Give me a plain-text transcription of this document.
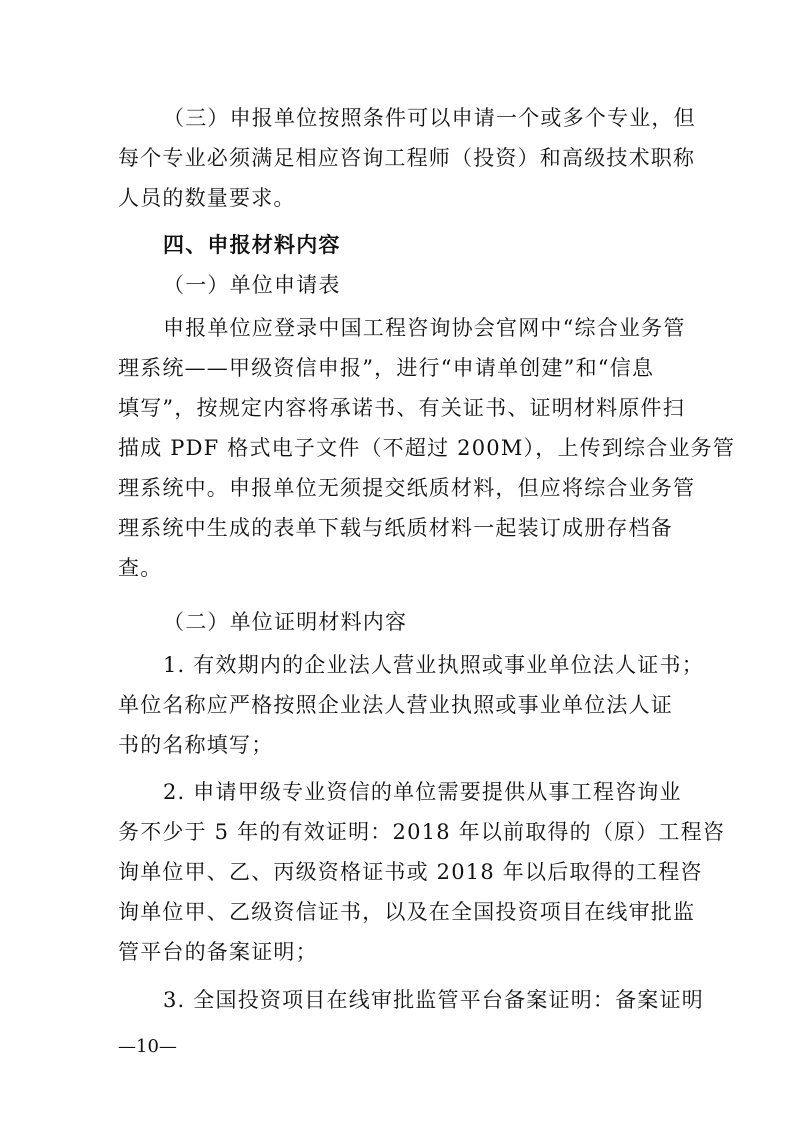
（三）申报单位按照条件可以申请一个或多个专业，但
每个专业必须满足相应咨询工程师（投资）和高级技术职称
人员的数量要求。
四、申报材料内容
（一）单位申请表
申报单位应登录中国工程咨询协会官网中“综合业务管
理系统——甲级资信申报”，进行“申请单创建”和“信息
填写”，按规定内容将承诺书、有关证书、证明材料原件扫
描成 PDF 格式电子文件（不超过 200M），上传到综合业务管
理系统中。申报单位无须提交纸质材料，但应将综合业务管
理系统中生成的表单下载与纸质材料一起装订成册存档备
查。
（二）单位证明材料内容
1. 有效期内的企业法人营业执照或事业单位法人证书；
单位名称应严格按照企业法人营业执照或事业单位法人证
书的名称填写；
2. 申请甲级专业资信的单位需要提供从事工程咨询业
务不少于 5 年的有效证明：2018 年以前取得的（原）工程咨
询单位甲、乙、丙级资格证书或 2018 年以后取得的工程咨
询单位甲、乙级资信证书，以及在全国投资项目在线审批监
管平台的备案证明；
3. 全国投资项目在线审批监管平台备案证明：备案证明
—10—
